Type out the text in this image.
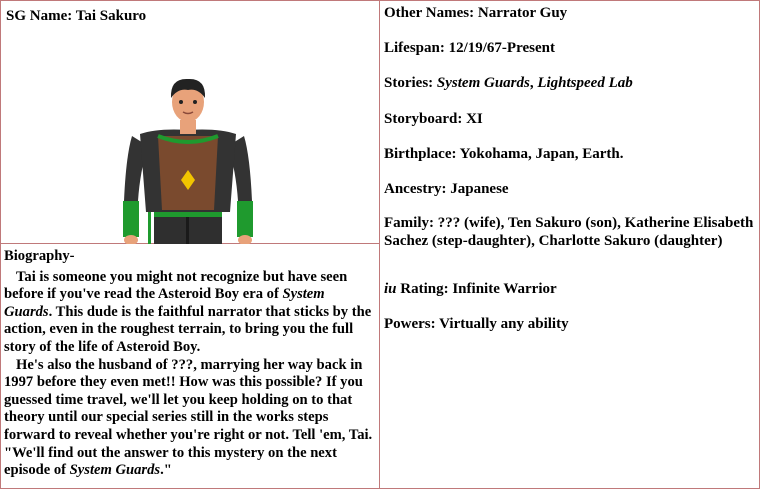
SG Name: Tai Sakuro
Biography-

Tai is someone you might not recognize but have seen before if you've read the Asteroid Boy era of System Guards. This dude is the faithful narrator that sticks by the action, even in the roughest terrain, to bring you the full story of the life of Asteroid Boy.

He's also the husband of ???, marrying her way back in 1997 before they even met!! How was this possible? If you guessed time travel, we'll let you keep holding on to that theory until our special series still in the works steps forward to reveal whether you're right or not. Tell 'em, Tai. "We'll find out the answer to this mystery on the next episode of System Guards."

Other Names: Narrator Guy
Lifespan: 12/19/67-Present
Stories: System Guards, Lightspeed Lab
Storyboard: XI
Birthplace: Yokohama, Japan, Earth.
Ancestry: Japanese
Family: ??? (wife), Ten Sakuro (son), Katherine Elisabeth Sachez (step-daughter), Charlotte Sakuro (daughter)
iu Rating: Infinite Warrior
Powers: Virtually any ability
